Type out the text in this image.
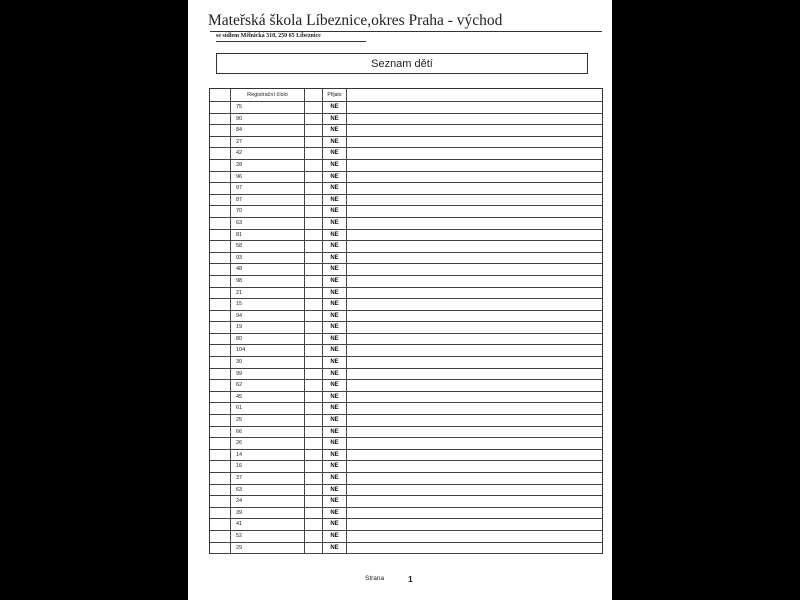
Mateřská škola Líbeznice,okres Praha - východ
se sídlem Mělnická 318, 250 65 Líbeznice
Seznam dětí
Registrační číslo	Přijato
75	NE
90	NE
84	NE
27	NE
42	NE
28	NE
96	NE
97	NE
87	NE
70	NE
63	NE
81	NE
58	NE
93	NE
48	NE
98	NE
21	NE
15	NE
94	NE
19	NE
80	NE
104	NE
30	NE
99	NE
62	NE
45	NE
61	NE
25	NE
66	NE
26	NE
14	NE
16	NE
37	NE
63	NE
24	NE
39	NE
41	NE
52	NE
29	NE
Strana	1
